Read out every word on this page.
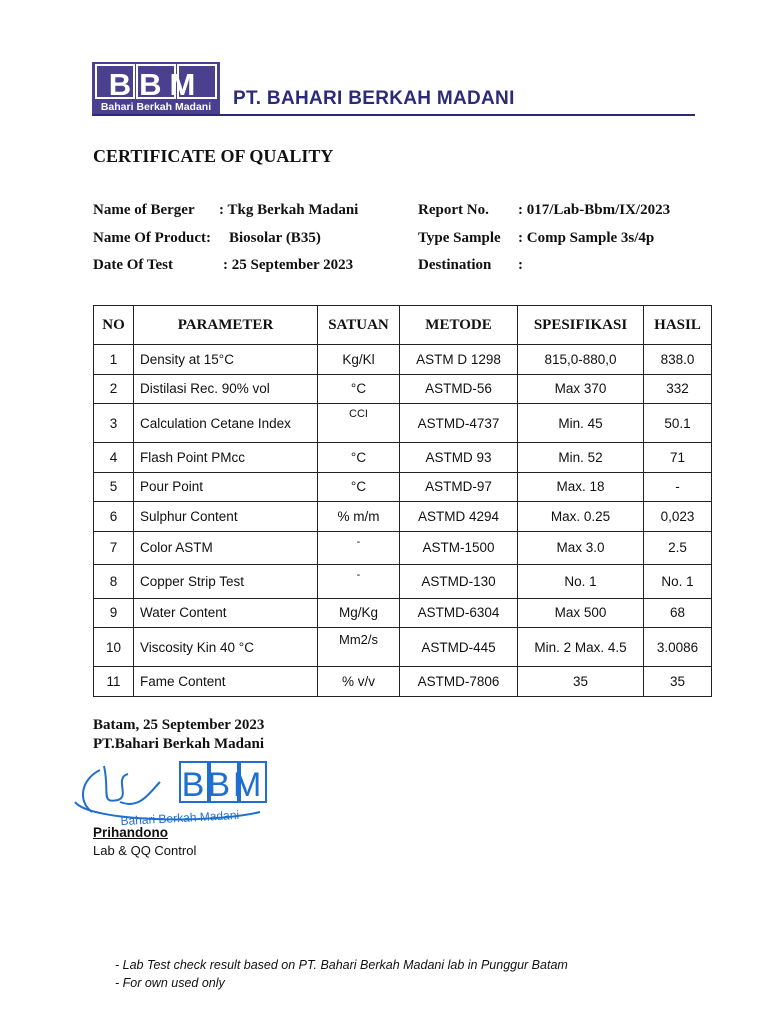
BBM
Bahari Berkah Madani PT. BAHARI BERKAH MADANI
CERTIFICATE OF QUALITY
Name of Berger : Tkg Berkah Madani
Name Of Product: Biosolar (B35)
Date Of Test	: 25 September 2023
Report No. : 017/Lab-Bbm/IX/2023
Type Sample : Comp Sample 3s/4p
Destination :
NO	PARAMETER	SATUAN	METODE	SPESIFIKASI	HASIL
1	Density at 15°C	Kg/Kl	ASTM D 1298	815,0-880,0	838.0
2	Distilasi Rec. 90% vol	°C	ASTMD-56	Max 370	332
3	Calculation Cetane Index	CCI	ASTMD-4737	Min. 45	50.1
4	Flash Point PMcc	°C	ASTMD 93	Min. 52	71
5	Pour Point	°C	ASTMD-97	Max. 18	-
6	Sulphur Content	% m/m	ASTMD 4294	Max. 0.25	0,023
7	Color ASTM	-	ASTM-1500	Max 3.0	2.5
8	Copper Strip Test	-	ASTMD-130	No. 1	No. 1
9	Water Content	Mg/Kg	ASTMD-6304	Max 500	68
10	Viscosity Kin 40 °C	Mm2/s	ASTMD-445	Min. 2 Max. 4.5	3.0086
11	Fame Content	% v/v	ASTMD-7806	35	35
Batam, 25 September 2023
PT.Bahari Berkah Madani
BBM
Bahari Berkah Madani
Prihandono
Lab & QQ Control
- Lab Test check result based on PT. Bahari Berkah Madani lab in Punggur Batam
- For own used only
